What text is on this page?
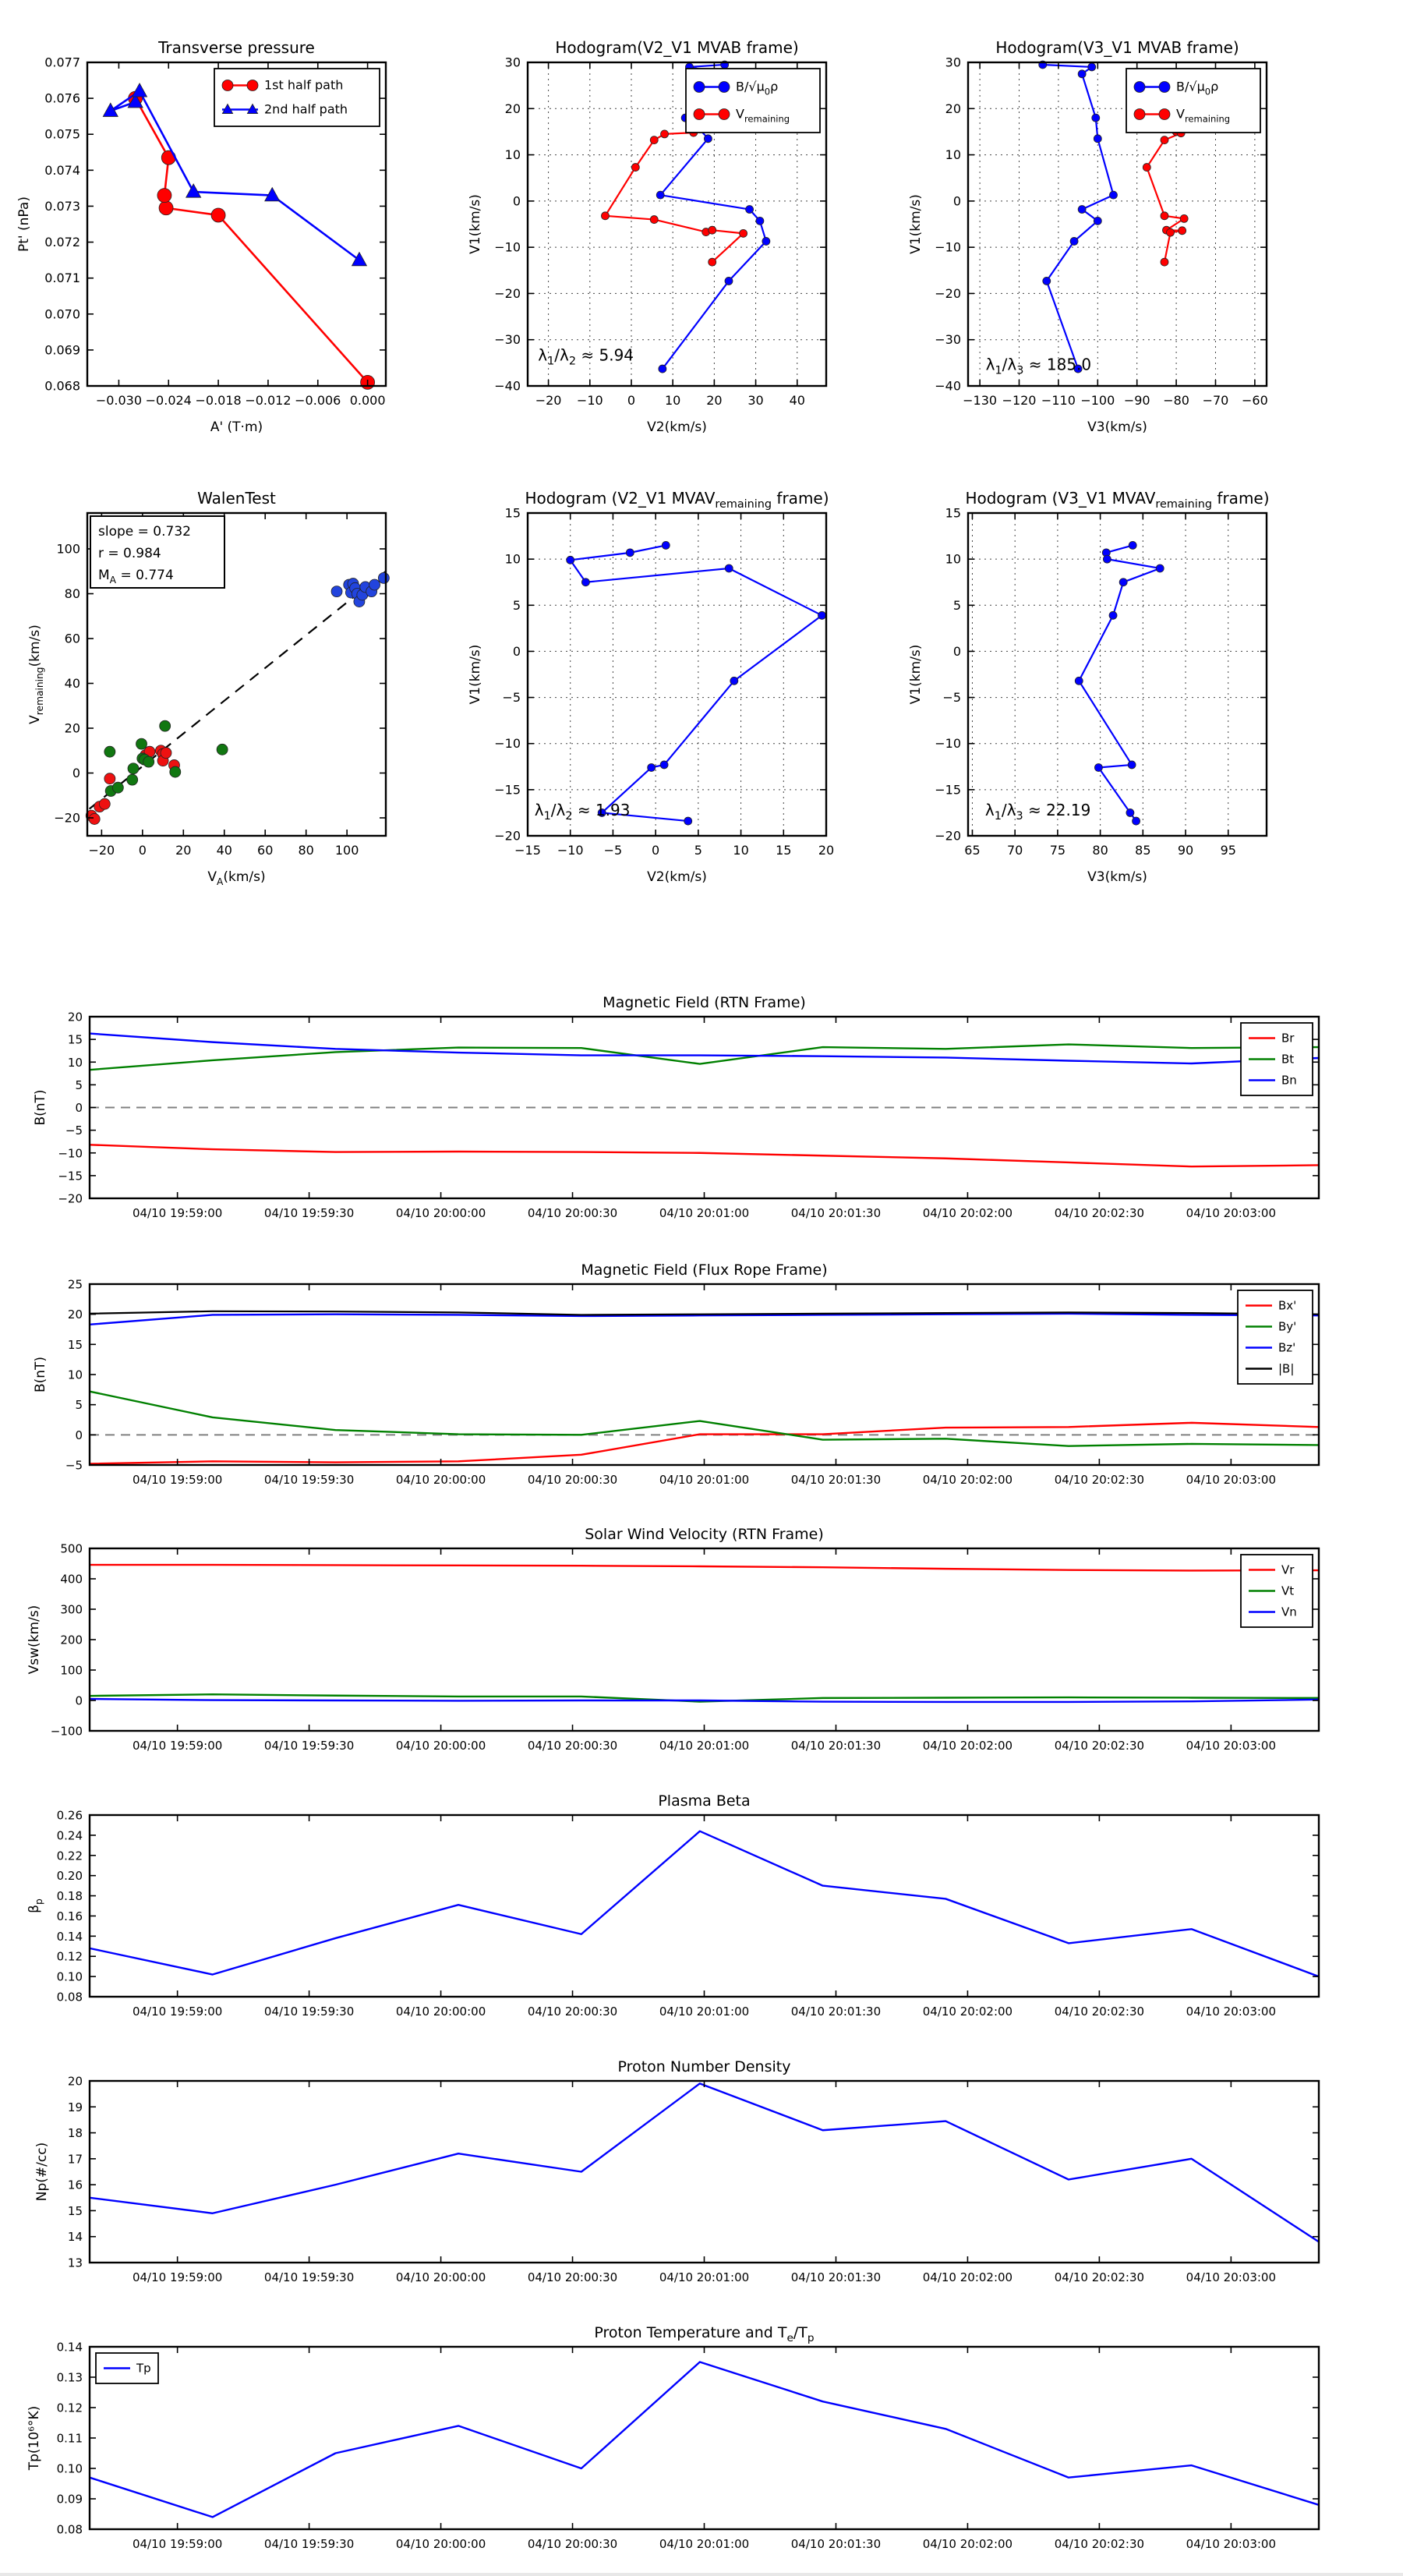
−0.030 −0.024 −0.018 −0.012 −0.006 0.000
0.068
0.069
0.070
0.071
0.072
0.073
0.074
0.075
0.076
0.077
Transverse pressure
A' (T·m)
Pt' (nPa)
1st half path
2nd half path
−20 −10 0 10 20 30 40
−40
−30
−20
−10
0
10
20
30
Hodogram(V2_V1 MVAB frame)
V2(km/s)
V1(km/s)
$B/√\mu_0\rho$
$V_{remaining}$
$\lambda_1/\lambda_2 \approx 5.94$
−130 −120 −110 −100 −90 −80 −70 −60
−40
−30
−20
−10
0
10
20
30
Hodogram(V3_V1 MVAB frame)
V3(km/s)
V1(km/s)
$B/√\mu_0\rho$
$V_{remaining}$
$\lambda_1/\lambda_3 \approx 185.0$
−20 0 20 40 60 80 100
−20
0
20
40
60
80
100
WalenTest
$V_A(km/s)$
$V_{remaining}(km/s)$
slope = 0.732
r = 0.984
$M_A = 0.774$
−15 −10 −5 0	5 10 15 20
−20
−15
−10
−5
0
5
10
15
Hodogram (V2_V1 $MVAV_{remaining}$ frame)
V2(km/s)
V1(km/s)
$\lambda_1/\lambda_2 \approx 1.93$
65 70 75 80 85 90 95
−20
−15
−10
−5
0
5
10
15
Hodogram (V3_V1 $MVAV_{remaining}$ frame)
V3(km/s)
V1(km/s)
$\lambda_1/\lambda_3 \approx 22.19$
04/10 19:59:00	04/10 19:59:30	04/10 20:00:00	04/10 20:00:30	04/10 20:01:00	04/10 20:01:30	04/10 20:02:00	04/10 20:02:30	04/10 20:03:00
−20
−15
−10
−5
0
5
10
15
20
Magnetic Field (RTN Frame)
B(nT)
Br
Bt
Bn
04/10 19:59:00	04/10 19:59:30	04/10 20:00:00	04/10 20:00:30	04/10 20:01:00	04/10 20:01:30	04/10 20:02:00	04/10 20:02:30	04/10 20:03:00
−5
0
5
10
15
20
25
Magnetic Field (Flux Rope Frame)
B(nT)
Bx'
By'
Bz'
|B|
04/10 19:59:00	04/10 19:59:30	04/10 20:00:00	04/10 20:00:30	04/10 20:01:00	04/10 20:01:30	04/10 20:02:00	04/10 20:02:30	04/10 20:03:00
−100
0
100
200
300
400
500
Solar Wind Velocity (RTN Frame)
Vsw(km/s)
Vr
Vt
Vn
04/10 19:59:00	04/10 19:59:30	04/10 20:00:00	04/10 20:00:30	04/10 20:01:00	04/10 20:01:30	04/10 20:02:00	04/10 20:02:30	04/10 20:03:00
0.08
0.10
0.12
0.14
0.16
0.18
0.20
0.22
0.24
0.26
Plasma Beta
$\beta_p$
04/10 19:59:00	04/10 19:59:30	04/10 20:00:00	04/10 20:00:30	04/10 20:01:00	04/10 20:01:30	04/10 20:02:00	04/10 20:02:30	04/10 20:03:00
13
14
15
16
17
18
19
20
Proton Number Density
Np(#/cc)
04/10 19:59:00	04/10 19:59:30	04/10 20:00:00	04/10 20:00:30	04/10 20:01:00	04/10 20:01:30	04/10 20:02:00	04/10 20:02:30	04/10 20:03:00
0.08
0.09
0.10
0.11
0.12
0.13
0.14
Proton Temperature and $T_e/T_p$
Tp(10⁶°K)
Tp
